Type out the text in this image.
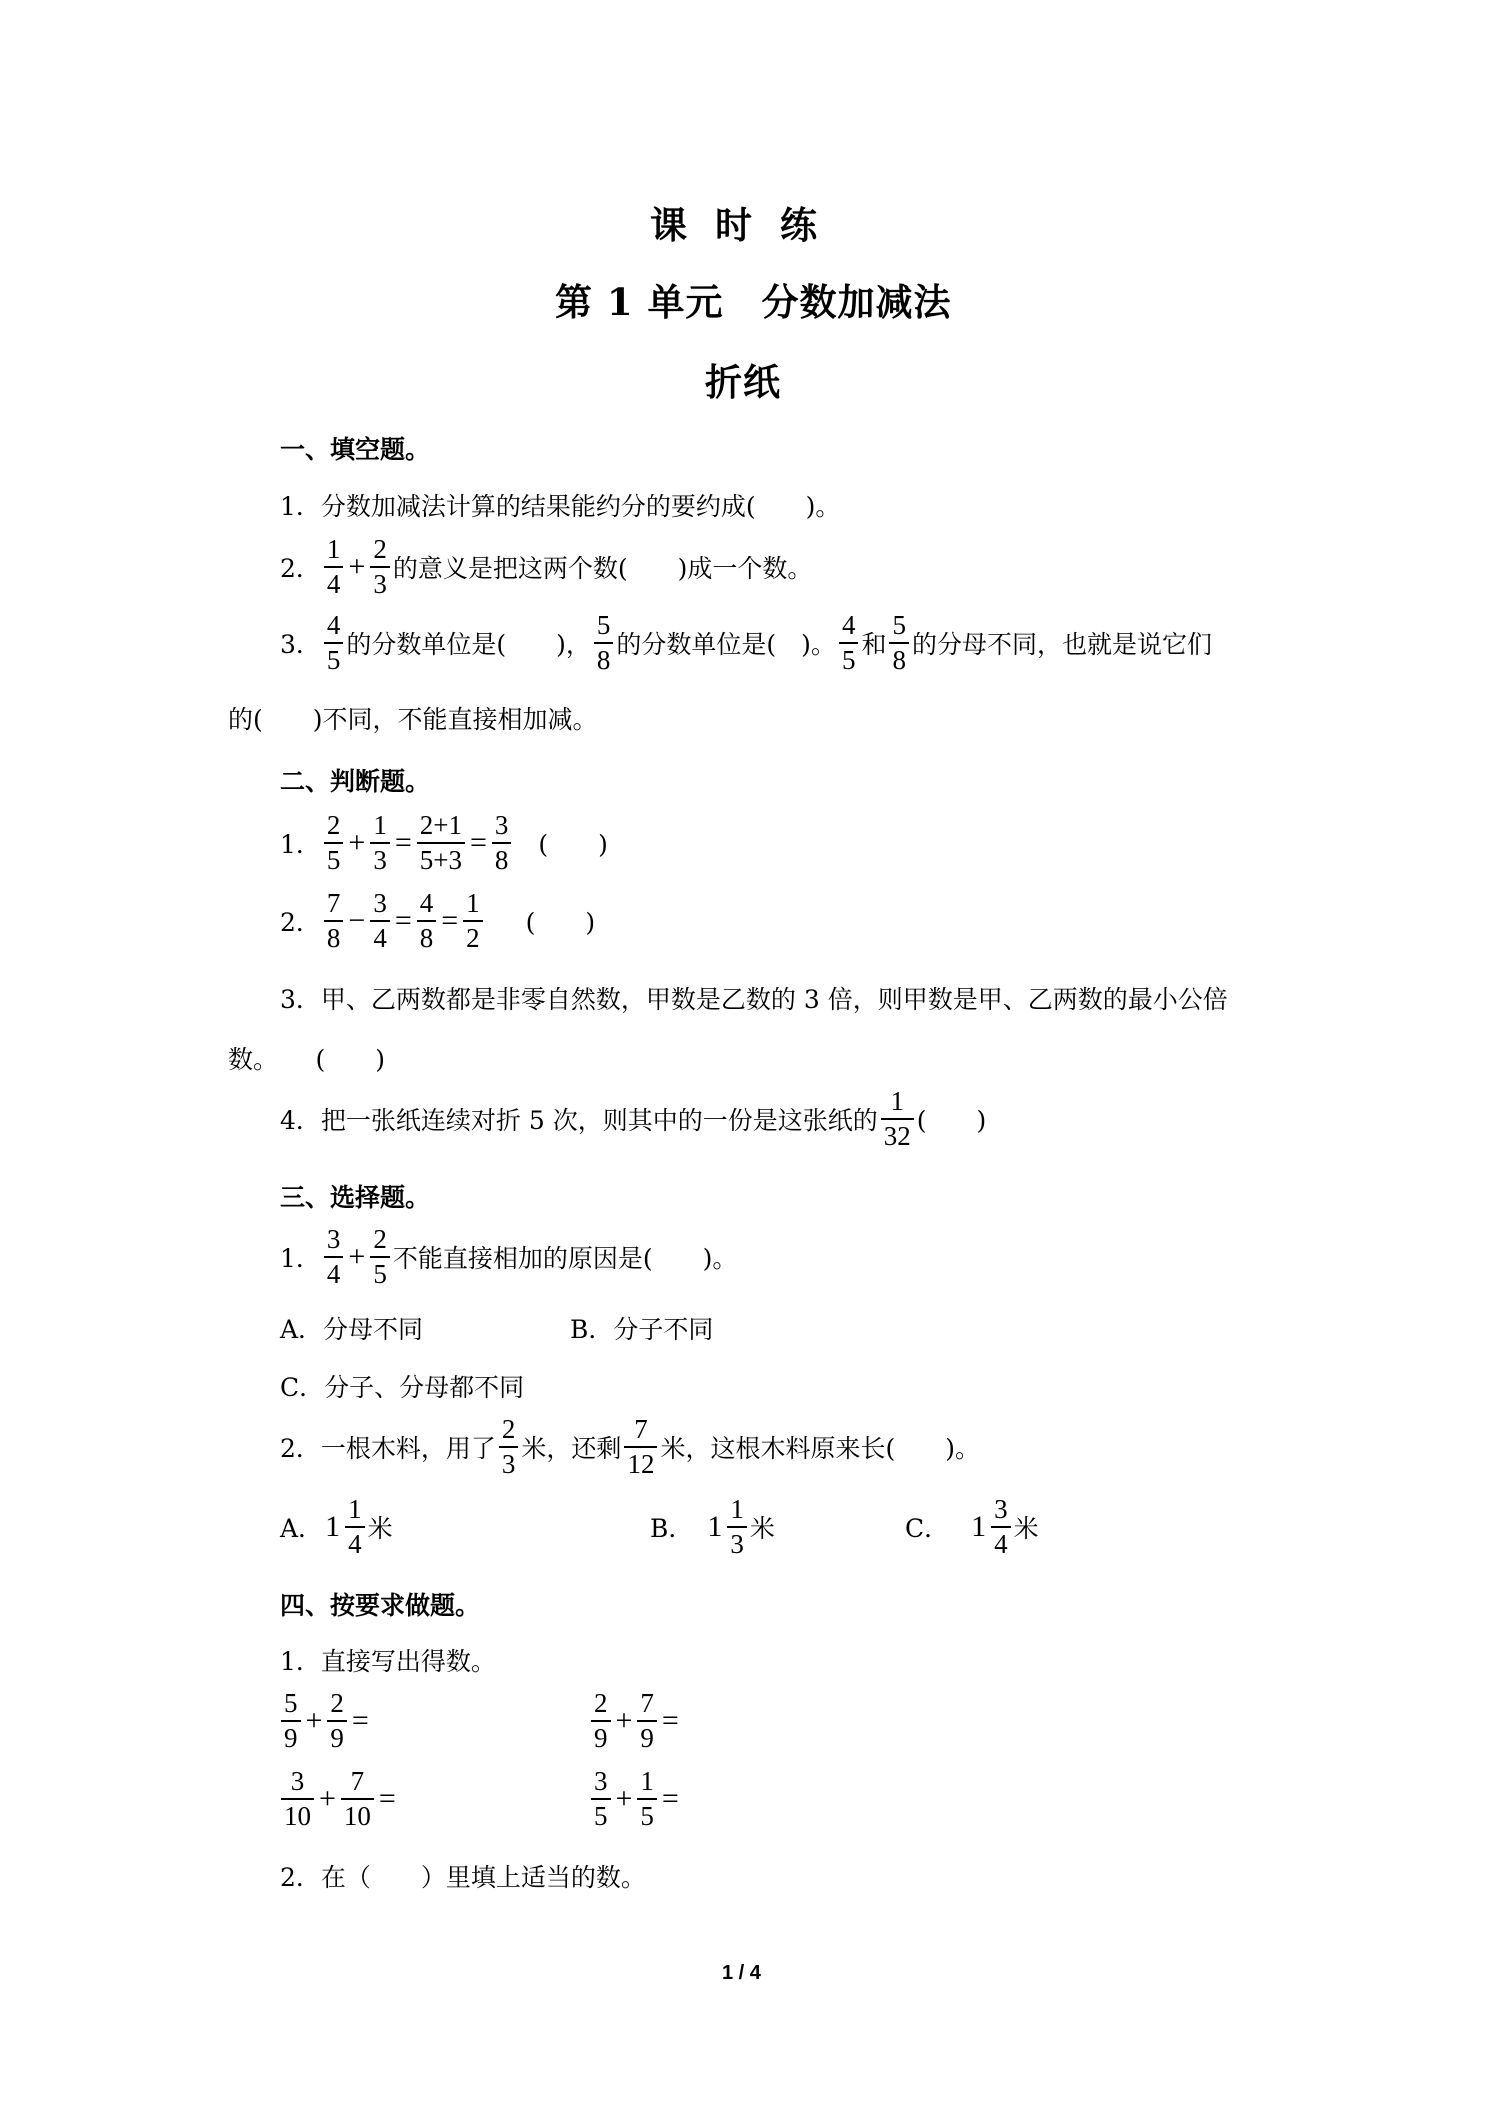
课时练
第 1 单元　分数加减法
折纸
一、填空题。
1．分数加减法计算的结果能约分的要约成(　　)。
2．
1
4
+ $\frac{2}{3}$ 的意义是把这两个数(　　)成一个数。
3．
4
5
的分数单位是(　　)，
5
8
的分数单位是(　)。
4
5
和
5
8
的分母不同，也就是说它们
的(　　)不同，不能直接相加减。
二、判断题。
1．
2
5
+ $\frac{1}{3} = \frac{2+1}{5+3} = \frac{3}{8}$ (　　)
2．
7
8
− $\frac{3}{4} = \frac{4}{8} = \frac{1}{2}$ (　　)
3．甲、乙两数都是非零自然数，甲数是乙数的 3 倍，则甲数是甲、乙两数的最小公倍
数。　　(　　)
4．把一张纸连续对折 5 次，则其中的一份是这张纸的
1
32
(　　)
三、选择题。
1．
3
4
+ $\frac{2}{5}$ 不能直接相加的原因是(　　)。
A．分母不同	B．分子不同
C．分子、分母都不同
2．一根木料，用了
2
3
米，还剩
7
12
米，这根木料原来长(　　)。
A． 1
1
4
米	B． 1
1
3
米	C． 1
3
4
米
四、按要求做题。
1．直接写出得数。
5
9
+ $\frac{2}{9}$ =
2
9
+ $\frac{7}{9}$ =
3
10
+ $\frac{7}{10}$ =
3
5
+ $\frac{1}{5}$ =
2．在（　　）里填上适当的数。
1 / 4
